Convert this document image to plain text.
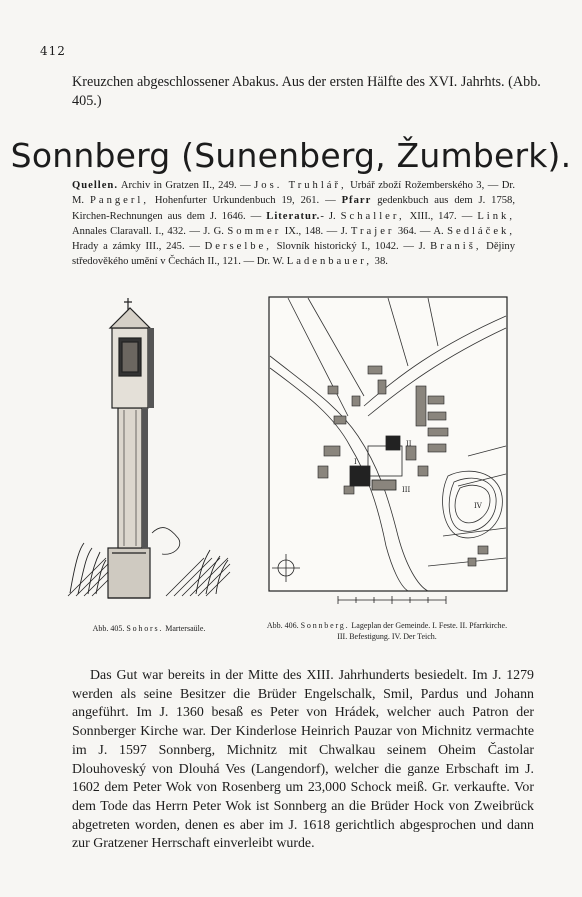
412
Kreuzchen abgeschlossener Abakus. Aus der ersten Hälfte des XVI. Jahrhts. (Abb. 405.)
Sonnberg (Sunenberg, Žumberk).
Quellen. Archiv in Gratzen II., 249. — Jos. Truhlář, Urbář zboží Rožemberského 3, — Dr. M. Pangerl, Hohenfurter Urkundenbuch 19, 261. — Pfarr gedenkbuch aus dem J. 1758, Kirchen-Rechnungen aus dem J. 1646. — Literatur.- J. Schaller, XIII., 147. — Link, Annales Claravall. I., 432. — J. G. Sommer IX., 148. — J. Trajer 364. — A. Sedláček, Hrady a zámky III., 245. — Derselbe, Slovník historický I., 1042. — J. Braniš, Dějiny středověkého umění v Čechách II., 121. — Dr. W. Ladenbauer, 38.
I
II
III
IV
Abb. 405. Sohors. Martersaüle.	Abb. 406. Sonnberg. Lageplan der Gemeinde. I. Feste. II. Pfarrkirche. III. Befestigung. IV. Der Teich.
Das Gut war bereits in der Mitte des XIII. Jahrhunderts besiedelt. Im J. 1279 werden als seine Besitzer die Brüder Engelschalk, Smil, Pardus und Johann angeführt. Im J. 1360 besaß es Peter von Hrádek, welcher auch Patron der Sonnberger Kirche war. Der Kinderlose Heinrich Pauzar von Michnitz vermachte im J. 1597 Sonnberg, Michnitz mit Chwalkau seinem Oheim Častolar Dlouhoveský von Dlouhá Ves (Langendorf), welcher die ganze Erbschaft im J. 1602 dem Peter Wok von Rosenberg um 23,000 Schock meiß. Gr. verkaufte. Vor dem Tode das Herrn Peter Wok ist Sonnberg an die Brüder Hock von Zweibrück abgetreten worden, denen es aber im J. 1618 gerichtlich abgesprochen und dann zur Gratzener Herrschaft einverleibt wurde.
